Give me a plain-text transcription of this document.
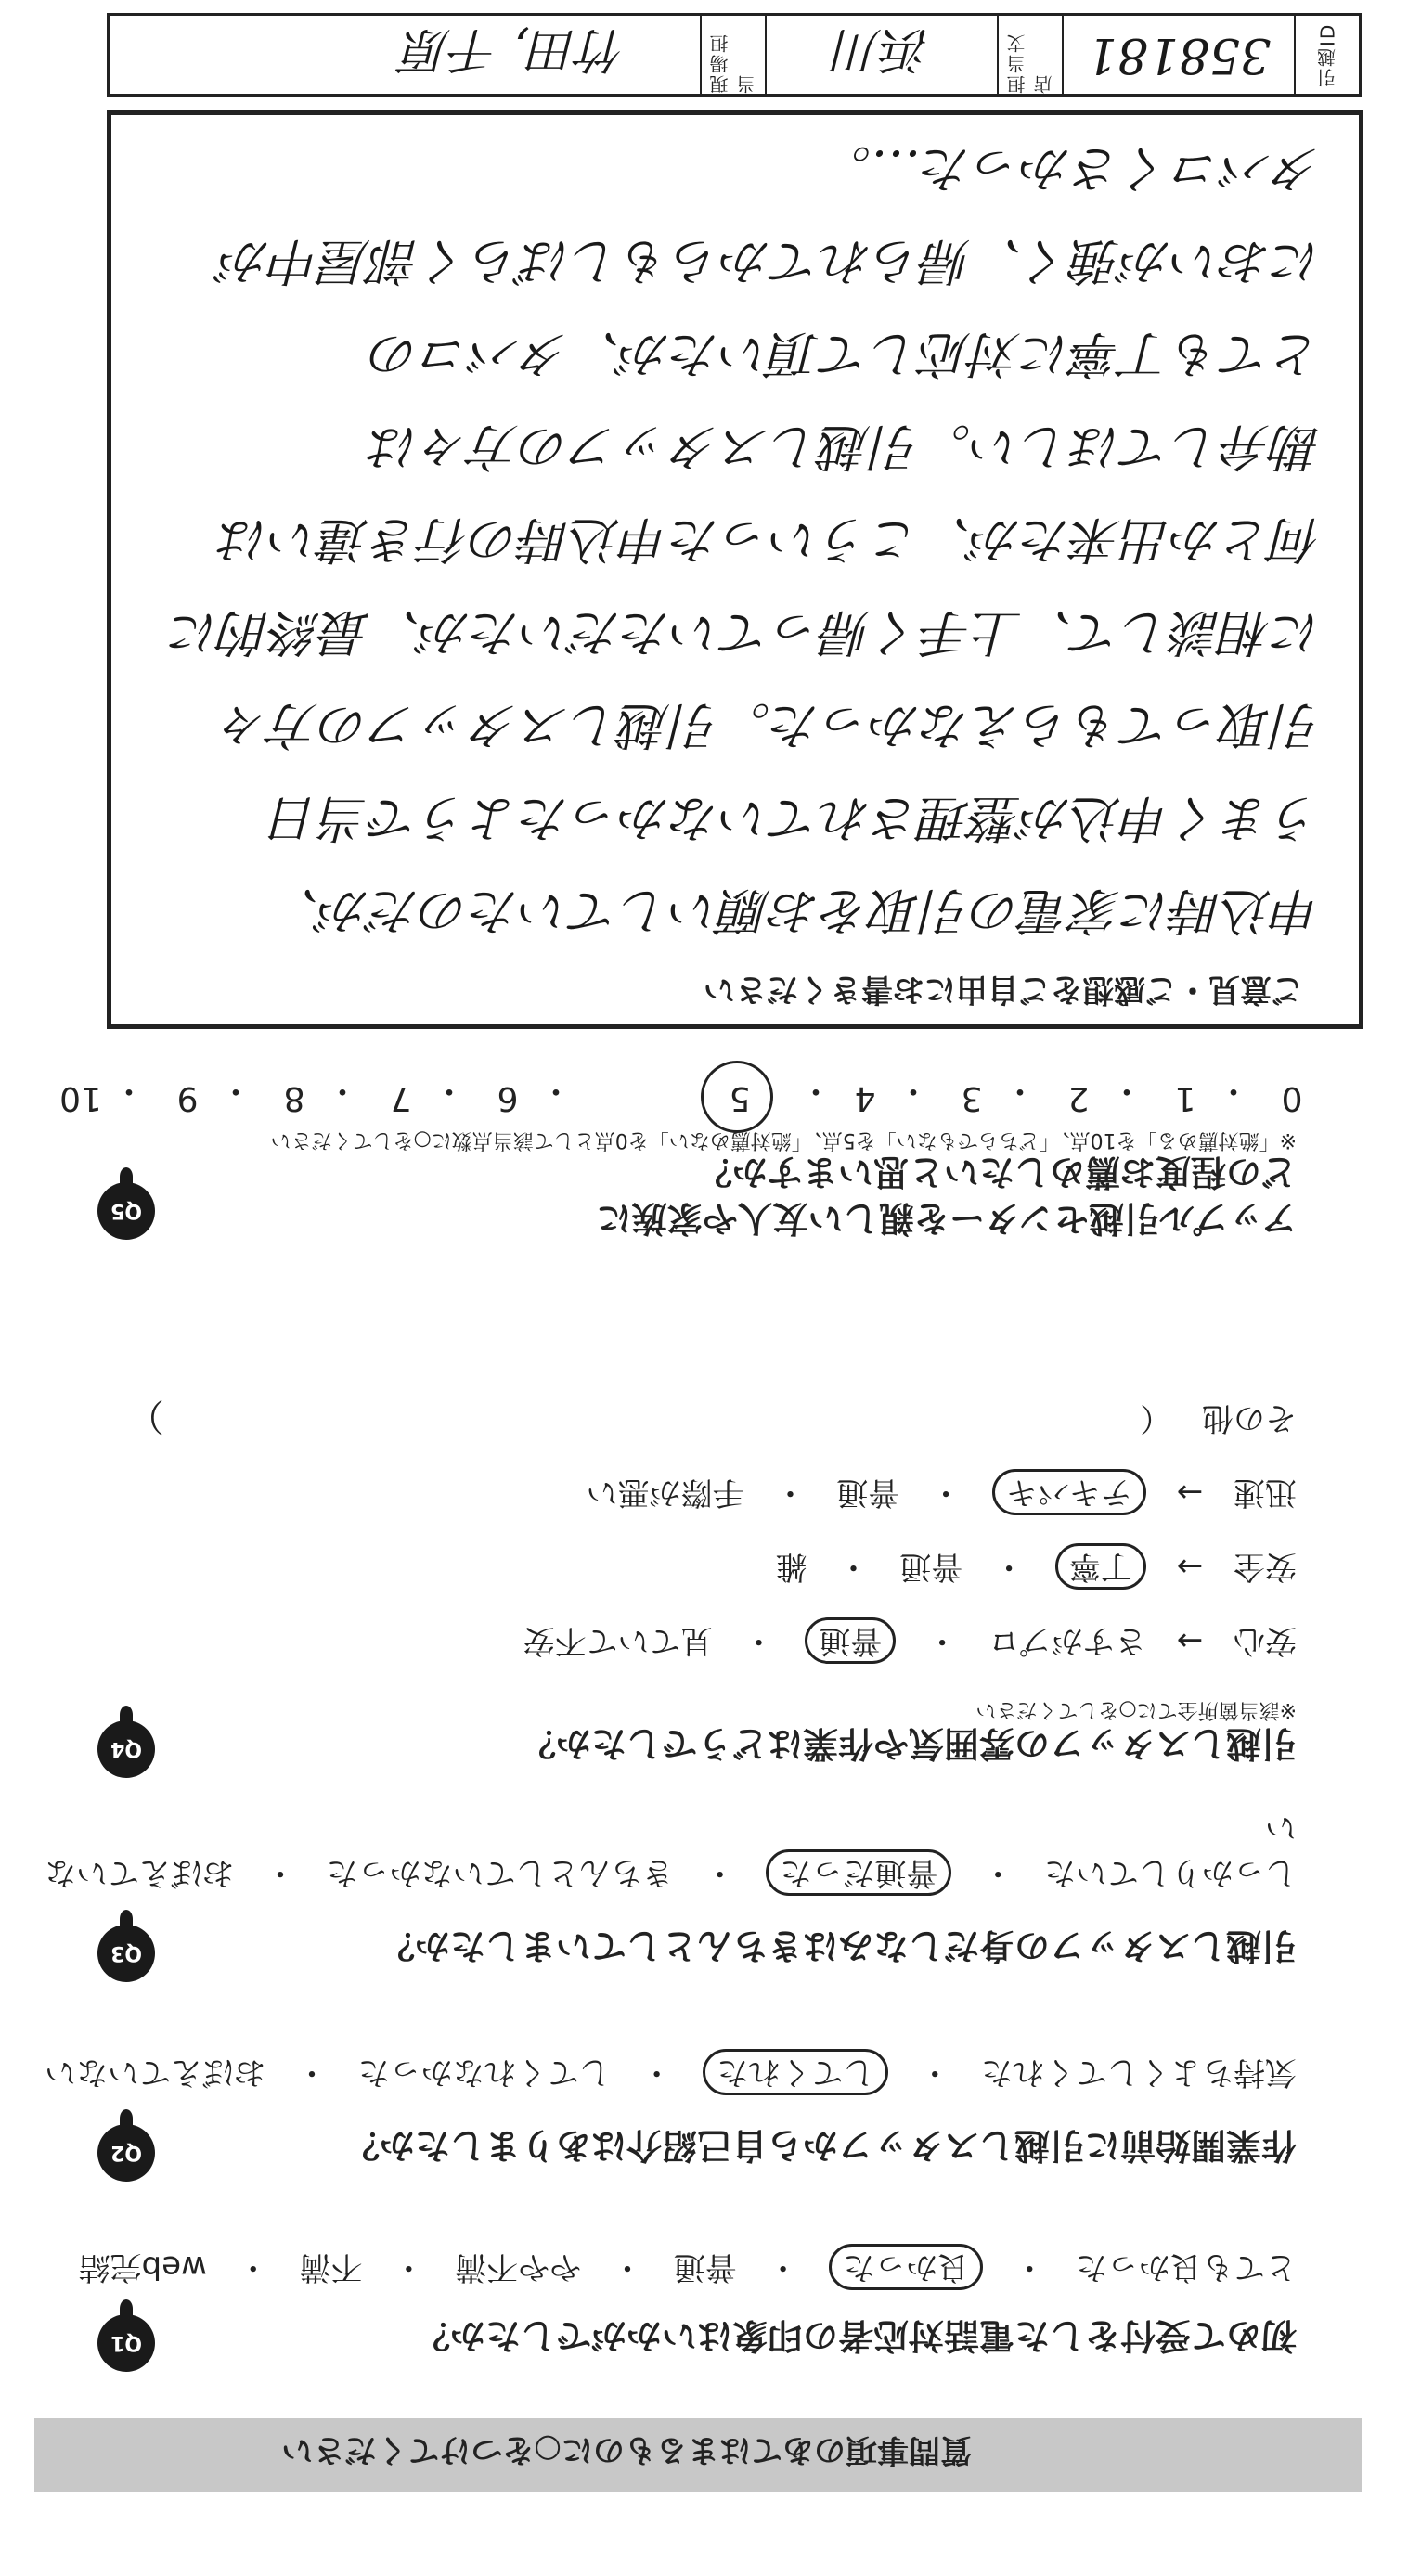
引越ID
358181
担当支店
浜川
現場担当
竹田, 千原
ご意見・ご感想をご自由にお書きください
申込時に家電の引取をお願いしていたのだが、
うまく申込が整理されていなかったようで当日
引取ってもらえなかった。引越しスタッフの方々
に相談して、上手く帰っていただいたが、最終的に
何とか出来たが、こういった申込時の行き違いは
勘弁してほしい。引越しスタッフの方々は
とても丁寧に対応して頂いたが、タバコの
においが強く、帰られてからもしばらく部屋中が
タバコくさかった…。
10 ・ 9 ・ 8 ・ 7 ・ 6 ・	5	・ 4 ・ 3 ・ 2 ・ 1 ・ 0
Q5	アップル引越センターを親しい友人や家族に
どの程度お薦めしたいと思いますか？
※「絶対薦める」を10点、「どちらでもない」を5点、「絶対薦めない」を0点として該当点数に○をしてください
Q4	引越しスタッフの雰囲気や作業はどうでしたか？
※該当箇所全てに○をしてください
安心 → さすがプロ ・ 普通 ・ 見ていて不安
安全 → 丁寧 ・ 普通 ・ 雑
迅速 → テキパキ ・ 普通 ・ 手際が悪い
その他 （
）
Q3	引越しスタッフの身だしなみはきちんとしていましたか？
しっかりしていた ・ 普通だった ・ きちんとしていなかった ・ おぼえていない
Q2	作業開始前に引越しスタッフから自己紹介はありましたか？
気持ちよくしてくれた ・ してくれた ・ してくれなかった ・ おぼえていない
Q1	初めて受付をした電話対応者の印象はいかがでしたか？
とても良かった ・ 良かった ・ 普通 ・ やや不満 ・ 不満 ・ web完結
質問事項のあてはまるものに○をつけてください
